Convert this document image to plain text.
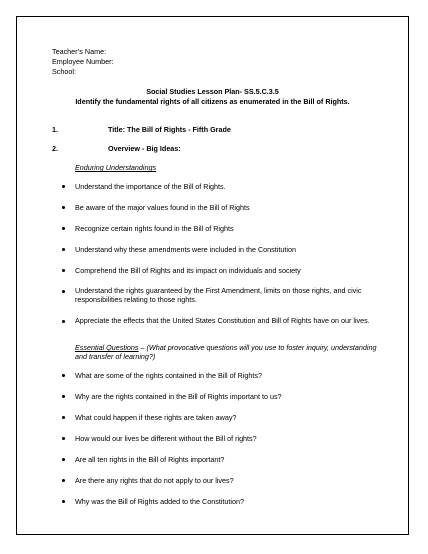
Teacher’s Name:
Employee Number:
School:
Social Studies Lesson Plan- SS.5.C.3.5
Identify the fundamental rights of all citizens as enumerated in the Bill of Rights.
1.	Title: The Bill of Rights - Fifth Grade
2.	Overview - Big Ideas:
Enduring Understandings
Understand the importance of the Bill of Rights.
Be aware of the major values found in the Bill of Rights
Recognize certain rights found in the Bill of Rights
Understand why these amendments were included in the Constitution
Comprehend the Bill of Rights and its impact on individuals and society
Understand the rights guaranteed by the First Amendment, limits on those rights, and civic responsibilities relating to those rights.
Appreciate the effects that the United States Constitution and Bill of Rights have on our lives.
Essential Questions – (What provocative questions will you use to foster inquiry, understanding and transfer of learning?)
What are some of the rights contained in the Bill of Rights?
Why are the rights contained in the Bill of Rights important to us?
What could happen if these rights are taken away?
How would our lives be different without the Bill of rights?
Are all ten rights in the Bill of Rights important?
Are there any rights that do not apply to our lives?
Why was the Bill of Rights added to the Constitution?
